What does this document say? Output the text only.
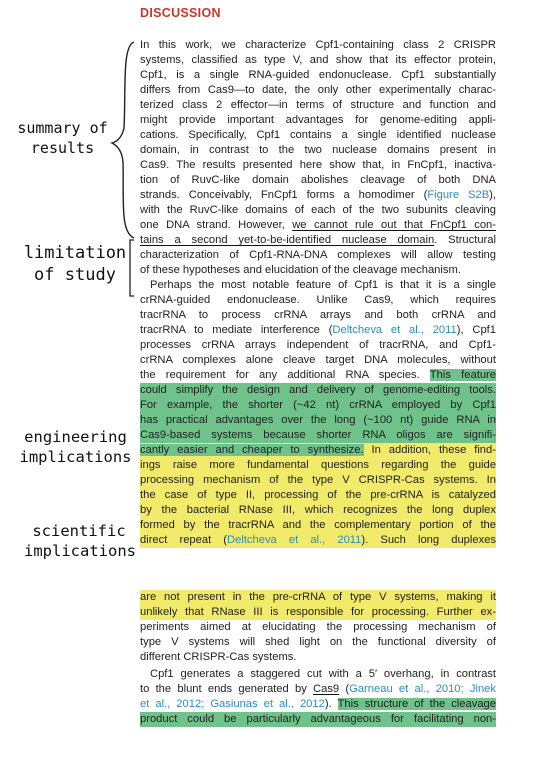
DISCUSSION
summary of
results
limitation
of study
engineering
implications
scientific
implications
In this work, we characterize Cpf1-containing class 2 CRISPR
systems, classified as type V, and show that its effector protein,
Cpf1, is a single RNA-guided endonuclease. Cpf1 substantially
differs from Cas9—to date, the only other experimentally charac-
terized class 2 effector—in terms of structure and function and
might provide important advantages for genome-editing appli-
cations. Specifically, Cpf1 contains a single identified nuclease
domain, in contrast to the two nuclease domains present in
Cas9. The results presented here show that, in FnCpf1, inactiva-
tion of RuvC-like domain abolishes cleavage of both DNA
strands. Conceivably, FnCpf1 forms a homodimer (Figure S2B),
with the RuvC-like domains of each of the two subunits cleaving
one DNA strand. However, we cannot rule out that FnCpf1 con-
tains a second yet-to-be-identified nuclease domain. Structural
characterization of Cpf1-RNA-DNA complexes will allow testing
of these hypotheses and elucidation of the cleavage mechanism.
Perhaps the most notable feature of Cpf1 is that it is a single
crRNA-guided endonuclease. Unlike Cas9, which requires
tracrRNA to process crRNA arrays and both crRNA and
tracrRNA to mediate interference (Deltcheva et al., 2011), Cpf1
processes crRNA arrays independent of tracrRNA, and Cpf1-
crRNA complexes alone cleave target DNA molecules, without
the requirement for any additional RNA species. This feature
could simplify the design and delivery of genome-editing tools.
For example, the shorter (~42 nt) crRNA employed by Cpf1
has practical advantages over the long (~100 nt) guide RNA in
Cas9-based systems because shorter RNA oligos are signifi-
cantly easier and cheaper to synthesize. In addition, these find-
ings raise more fundamental questions regarding the guide
processing mechanism of the type V CRISPR-Cas systems. In
the case of type II, processing of the pre-crRNA is catalyzed
by the bacterial RNase III, which recognizes the long duplex
formed by the tracrRNA and the complementary portion of the
direct repeat (Deltcheva et al., 2011). Such long duplexes
are not present in the pre-crRNA of type V systems, making it
unlikely that RNase III is responsible for processing. Further ex-
periments aimed at elucidating the processing mechanism of
type V systems will shed light on the functional diversity of
different CRISPR-Cas systems.
Cpf1 generates a staggered cut with a 5′ overhang, in contrast
to the blunt ends generated by Cas9 (Garneau et al., 2010; Jinek
et al., 2012; Gasiunas et al., 2012). This structure of the cleavage
product could be particularly advantageous for facilitating non-
